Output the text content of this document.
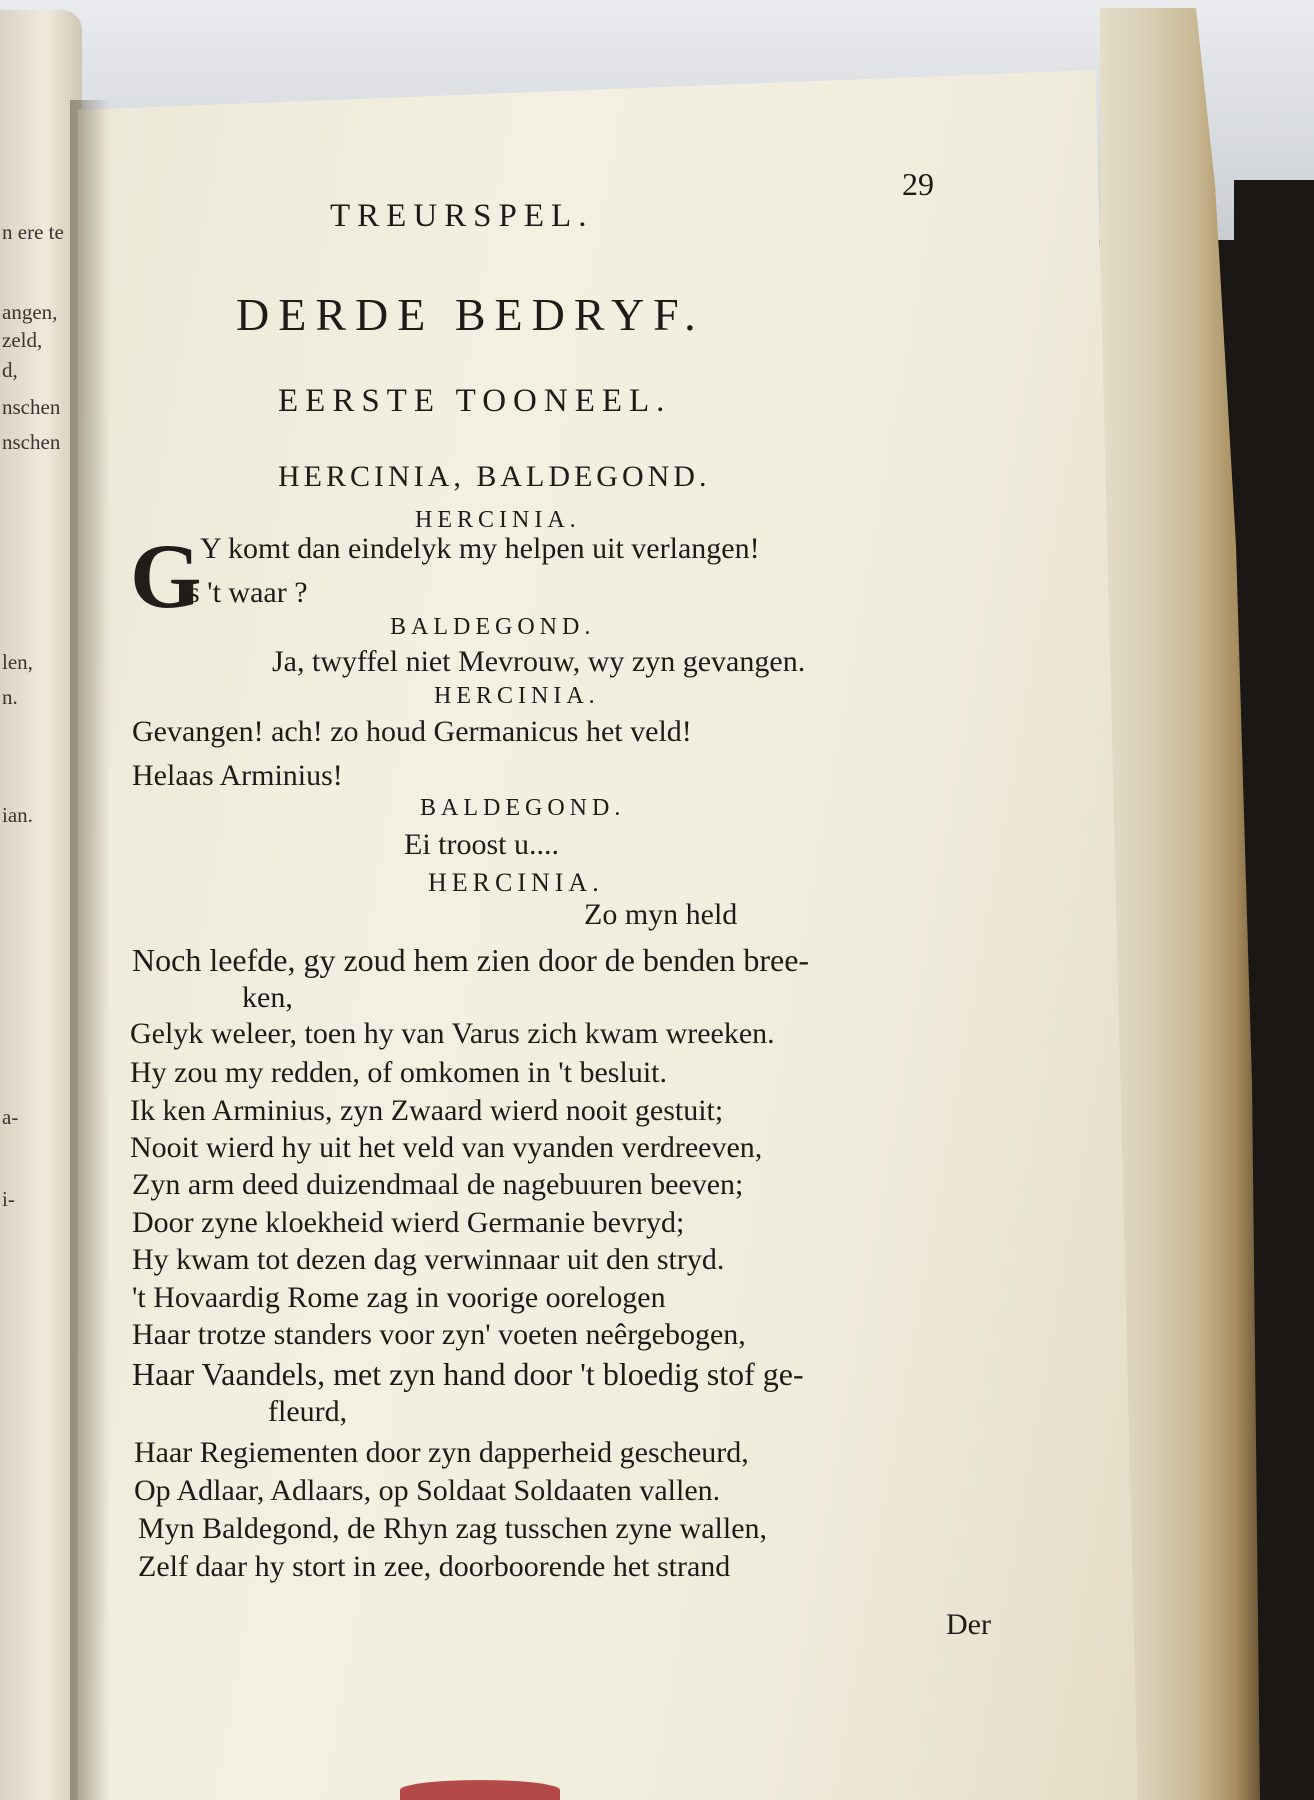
n ere te
angen,
zeld,
d,
nschen
nschen
len,
n.
ian.
a-
i-
TREURSPEL.
29
DERDE BEDRYF.
EERSTE TOONEEL.
HERCINIA, BALDEGOND.
HERCINIA.
G
Y komt dan eindelyk my helpen uit verlangen!
Is 't waar ?
BALDEGOND.
Ja, twyffel niet Mevrouw, wy zyn gevangen.
HERCINIA.
Gevangen! ach! zo houd Germanicus het veld!
Helaas Arminius!
BALDEGOND.
Ei troost u....
HERCINIA.
Zo myn held
Noch leefde, gy zoud hem zien door de benden bree-
ken,
Gelyk weleer, toen hy van Varus zich kwam wreeken.
Hy zou my redden, of omkomen in 't besluit.
Ik ken Arminius, zyn Zwaard wierd nooit gestuit;
Nooit wierd hy uit het veld van vyanden verdreeven,
Zyn arm deed duizendmaal de nagebuuren beeven;
Door zyne kloekheid wierd Germanie bevryd;
Hy kwam tot dezen dag verwinnaar uit den stryd.
't Hovaardig Rome zag in voorige oorelogen
Haar trotze standers voor zyn' voeten neêrgebogen,
Haar Vaandels, met zyn hand door 't bloedig stof ge-
fleurd,
Haar Regiementen door zyn dapperheid gescheurd,
Op Adlaar, Adlaars, op Soldaat Soldaaten vallen.
Myn Baldegond, de Rhyn zag tusschen zyne wallen,
Zelf daar hy stort in zee, doorboorende het strand
Der
